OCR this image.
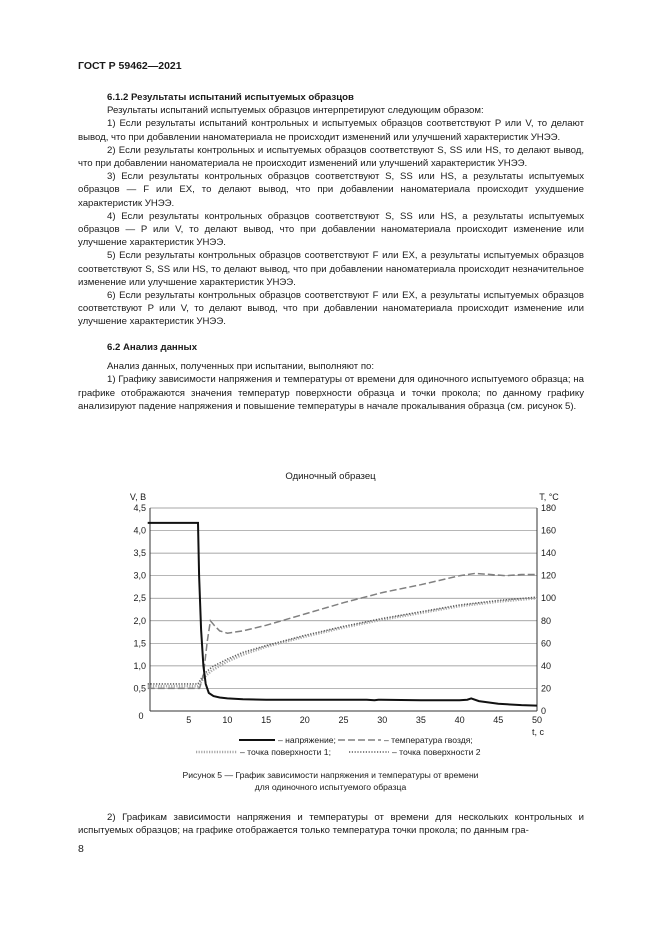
ГОСТ Р 59462—2021

6.1.2 Результаты испытаний испытуемых образцов

Результаты испытаний испытуемых образцов интерпретируют следующим образом:

1) Если результаты испытаний контрольных и испытуемых образцов соответствуют P или V, то делают вывод, что при добавлении наноматериала не происходит изменений или улучшений характеристик УНЭЭ.

2) Если результаты контрольных и испытуемых образцов соответствуют S, SS или HS, то делают вывод, что при добавлении наноматериала не происходит изменений или улучшений характеристик УНЭЭ.

3) Если результаты контрольных образцов соответствуют S, SS или HS, а результаты испытуемых образцов — F или EX, то делают вывод, что при добавлении наноматериала происходит ухудшение характеристик УНЭЭ.

4) Если результаты контрольных образцов соответствуют S, SS или HS, а результаты испытуемых образцов — P или V, то делают вывод, что при добавлении наноматериала происходит изменение или улучшение характеристик УНЭЭ.

5) Если результаты контрольных образцов соответствуют F или EX, а результаты испытуемых образцов соответствуют S, SS или HS, то делают вывод, что при добавлении наноматериала происходит незначительное изменение или улучшение характеристик УНЭЭ.

6) Если результаты контрольных образцов соответствуют F или EX, а результаты испытуемых образцов соответствуют P или V, то делают вывод, что при добавлении наноматериала происходит изменение или улучшение характеристик УНЭЭ.

6.2 Анализ данных

Анализ данных, полученных при испытании, выполняют по:

1) Графику зависимости напряжения и температуры от времени для одиночного испытуемого образца; на графике отображаются значения температур поверхности образца и точки прокола; по данному графику анализируют падение напряжения и повышение температуры в начале прокалывания образца (см. рисунок 5).

Одиночный образец
0,5
1,0
1,5
2,0
2,5
3,0
3,5
4,0
4,5
0	0
20
40
60
80
100
120
140
160
180
5	10	15	20	25	30	35	40	45	50
V, В	T, °C
t, с
– напряжение;	– температура гвоздя;
– точка поверхности 1;	– точка поверхности 2
Рисунок 5 — График зависимости напряжения и температуры от времени
для одиночного испытуемого образца

2) Графикам зависимости напряжения и температуры от времени для нескольких контрольных и испытуемых образцов; на графике отображается только температура точки прокола; по данным гра-

8
